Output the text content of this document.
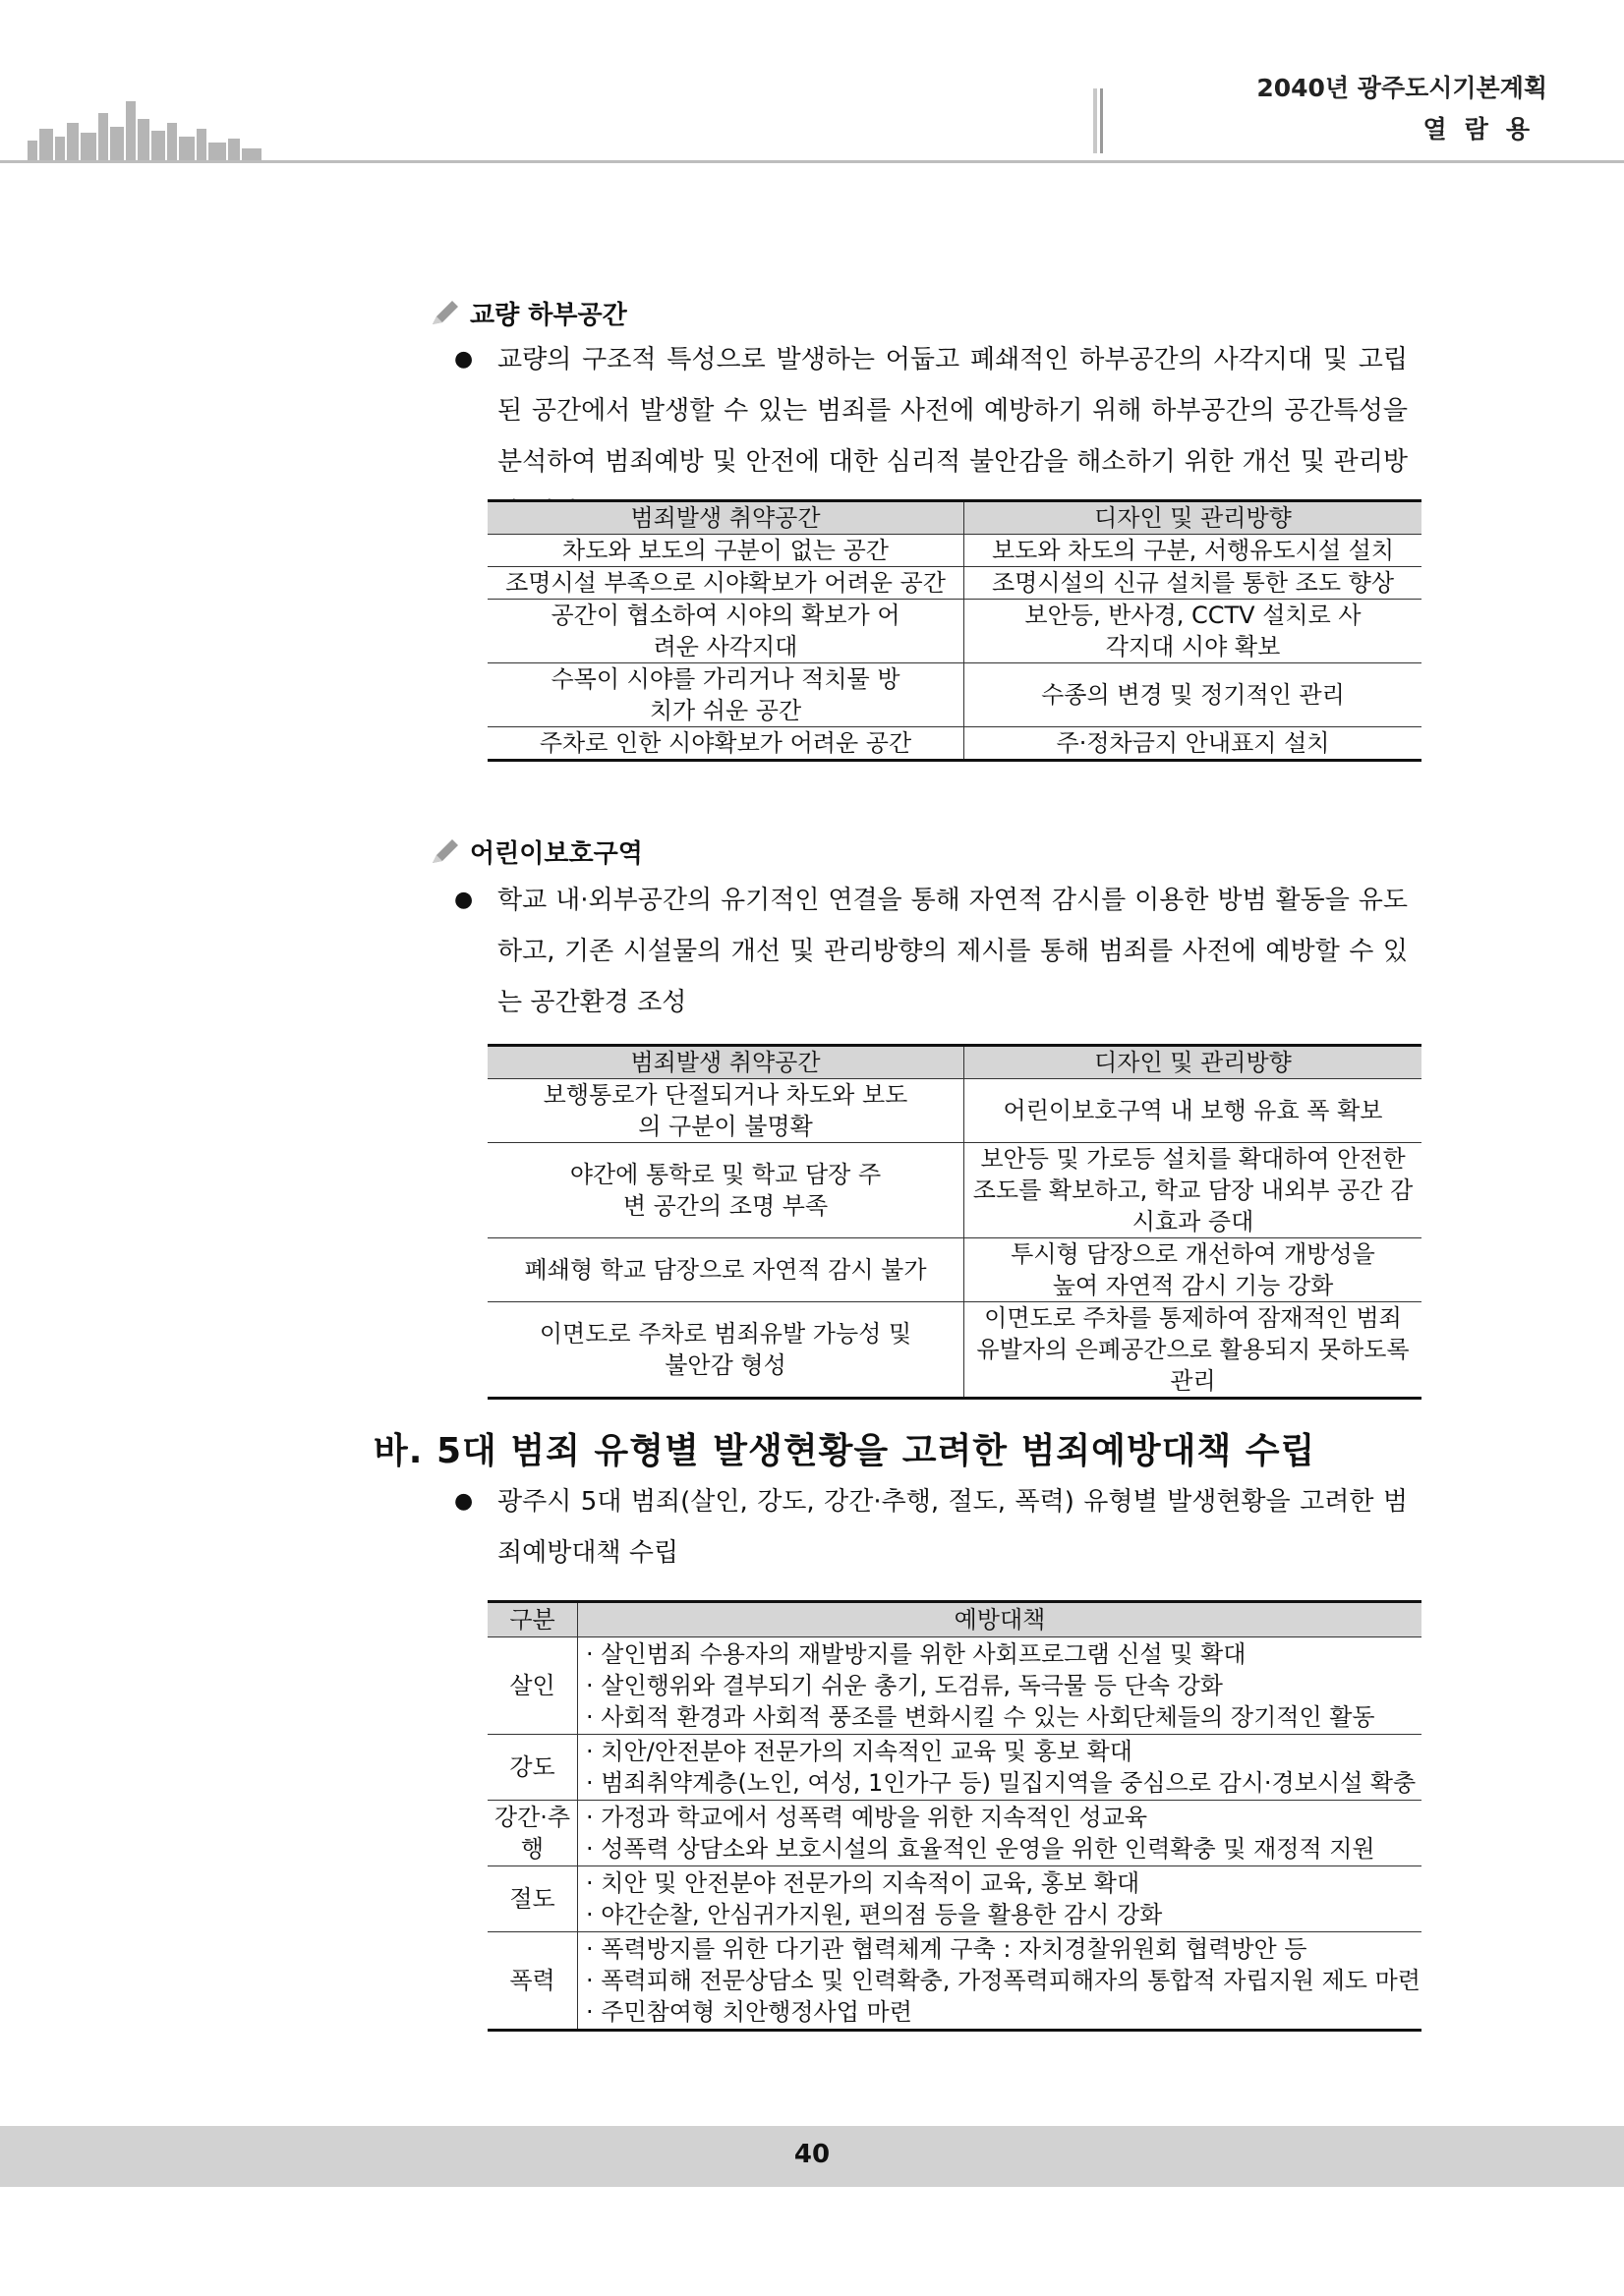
2040년 광주도시기본계획
열람용
교량 하부공간
● 교량의 구조적 특성으로 발생하는 어둡고 폐쇄적인 하부공간의 사각지대 및 고립된 공간에서 발생할 수 있는 범죄를 사전에 예방하기 위해 하부공간의 공간특성을 분석하여 범죄예방 및 안전에 대한 심리적 불안감을 해소하기 위한 개선 및 관리방
범죄발생 취약공간	디자인 및 관리방향
차도와 보도의 구분이 없는 공간	보도와 차도의 구분, 서행유도시설 설치
조명시설 부족으로 시야확보가 어려운 공간	조명시설의 신규 설치를 통한 조도 향상
공간이 협소하여 시야의 확보가 어려운 사각지대	보안등, 반사경, CCTV 설치로 사각지대 시야 확보
수목이 시야를 가리거나 적치물 방치가 쉬운 공간	수종의 변경 및 정기적인 관리
주차로 인한 시야확보가 어려운 공간	주·정차금지 안내표지 설치
어린이보호구역
● 학교 내·외부공간의 유기적인 연결을 통해 자연적 감시를 이용한 방범 활동을 유도하고, 기존 시설물의 개선 및 관리방향의 제시를 통해 범죄를 사전에 예방할 수 있는 공간환경 조성
범죄발생 취약공간	디자인 및 관리방향
보행통로가 단절되거나 차도와 보도의 구분이 불명확	어린이보호구역 내 보행 유효 폭 확보
야간에 통학로 및 학교 담장 주변 공간의 조명 부족	보안등 및 가로등 설치를 확대하여 안전한 조도를 확보하고, 학교 담장 내외부 공간 감시효과 증대
폐쇄형 학교 담장으로 자연적 감시 불가	투시형 담장으로 개선하여 개방성을 높여 자연적 감시 기능 강화
이면도로 주차로 범죄유발 가능성 및 불안감 형성	이면도로 주차를 통제하여 잠재적인 범죄 유발자의 은폐공간으로 활용되지 못하도록 관리
바. 5대 범죄 유형별 발생현황을 고려한 범죄예방대책 수립
● 광주시 5대 범죄(살인, 강도, 강간·추행, 절도, 폭력) 유형별 발생현황을 고려한 범죄예방대책 수립
구분	예방대책
살인	· 살인범죄 수용자의 재발방지를 위한 사회프로그램 신설 및 확대
· 살인행위와 결부되기 쉬운 총기, 도검류, 독극물 등 단속 강화
· 사회적 환경과 사회적 풍조를 변화시킬 수 있는 사회단체들의 장기적인 활동

강도	· 치안/안전분야 전문가의 지속적인 교육 및 홍보 확대
· 범죄취약계층(노인, 여성, 1인가구 등) 밀집지역을 중심으로 감시·경보시설 확충

강간·추행	· 가정과 학교에서 성폭력 예방을 위한 지속적인 성교육
· 성폭력 상담소와 보호시설의 효율적인 운영을 위한 인력확충 및 재정적 지원

절도	· 치안 및 안전분야 전문가의 지속적이 교육, 홍보 확대
· 야간순찰, 안심귀가지원, 편의점 등을 활용한 감시 강화

폭력	· 폭력방지를 위한 다기관 협력체계 구축 : 자치경찰위원회 협력방안 등
· 폭력피해 전문상담소 및 인력확충, 가정폭력피해자의 통합적 자립지원 제도 마련
· 주민참여형 치안행정사업 마련
40
